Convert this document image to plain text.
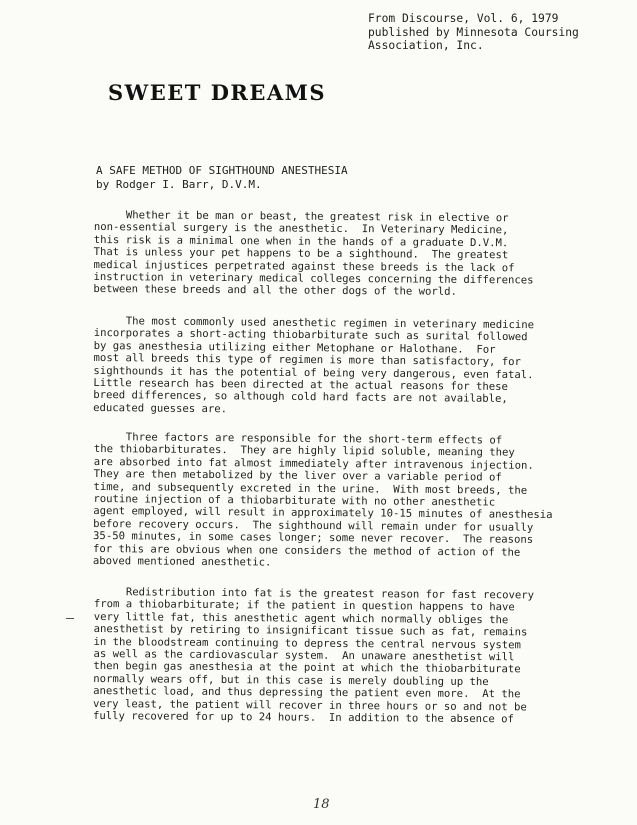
From Discourse, Vol. 6, 1979
published by Minnesota Coursing
Association, Inc.
SWEET DREAMS
A SAFE METHOD OF SIGHTHOUND ANESTHESIA
by Rodger I. Barr, D.V.M.
Whether it be man or beast, the greatest risk in elective or
non-essential surgery is the anesthetic.  In Veterinary Medicine,
this risk is a minimal one when in the hands of a graduate D.V.M.
That is unless your pet happens to be a sighthound.  The greatest
medical injustices perpetrated against these breeds is the lack of
instruction in veterinary medical colleges concerning the differences
between these breeds and all the other dogs of the world.
The most commonly used anesthetic regimen in veterinary medicine
incorporates a short-acting thiobarbiturate such as surital followed
by gas anesthesia utilizing either Metophane or Halothane.  For
most all breeds this type of regimen is more than satisfactory, for
sighthounds it has the potential of being very dangerous, even fatal.
Little research has been directed at the actual reasons for these
breed differences, so although cold hard facts are not available,
educated guesses are.
Three factors are responsible for the short-term effects of
the thiobarbiturates.  They are highly lipid soluble, meaning they
are absorbed into fat almost immediately after intravenous injection.
They are then metabolized by the liver over a variable period of
time, and subsequently excreted in the urine.  With most breeds, the
routine injection of a thiobarbiturate with no other anesthetic
agent employed, will result in approximately 10-15 minutes of anesthesia
before recovery occurs.  The sighthound will remain under for usually
35-50 minutes, in some cases longer; some never recover.  The reasons
for this are obvious when one considers the method of action of the
aboved mentioned anesthetic.
Redistribution into fat is the greatest reason for fast recovery
from a thiobarbiturate; if the patient in question happens to have
very little fat, this anesthetic agent which normally obliges the
anesthetist by retiring to insignificant tissue such as fat, remains
in the bloodstream continuing to depress the central nervous system
as well as the cardiovascular system.  An unaware anesthetist will
then begin gas anesthesia at the point at which the thiobarbiturate
normally wears off, but in this case is merely doubling up the
anesthetic load, and thus depressing the patient even more.  At the
very least, the patient will recover in three hours or so and not be
fully recovered for up to 24 hours.  In addition to the absence of
18
